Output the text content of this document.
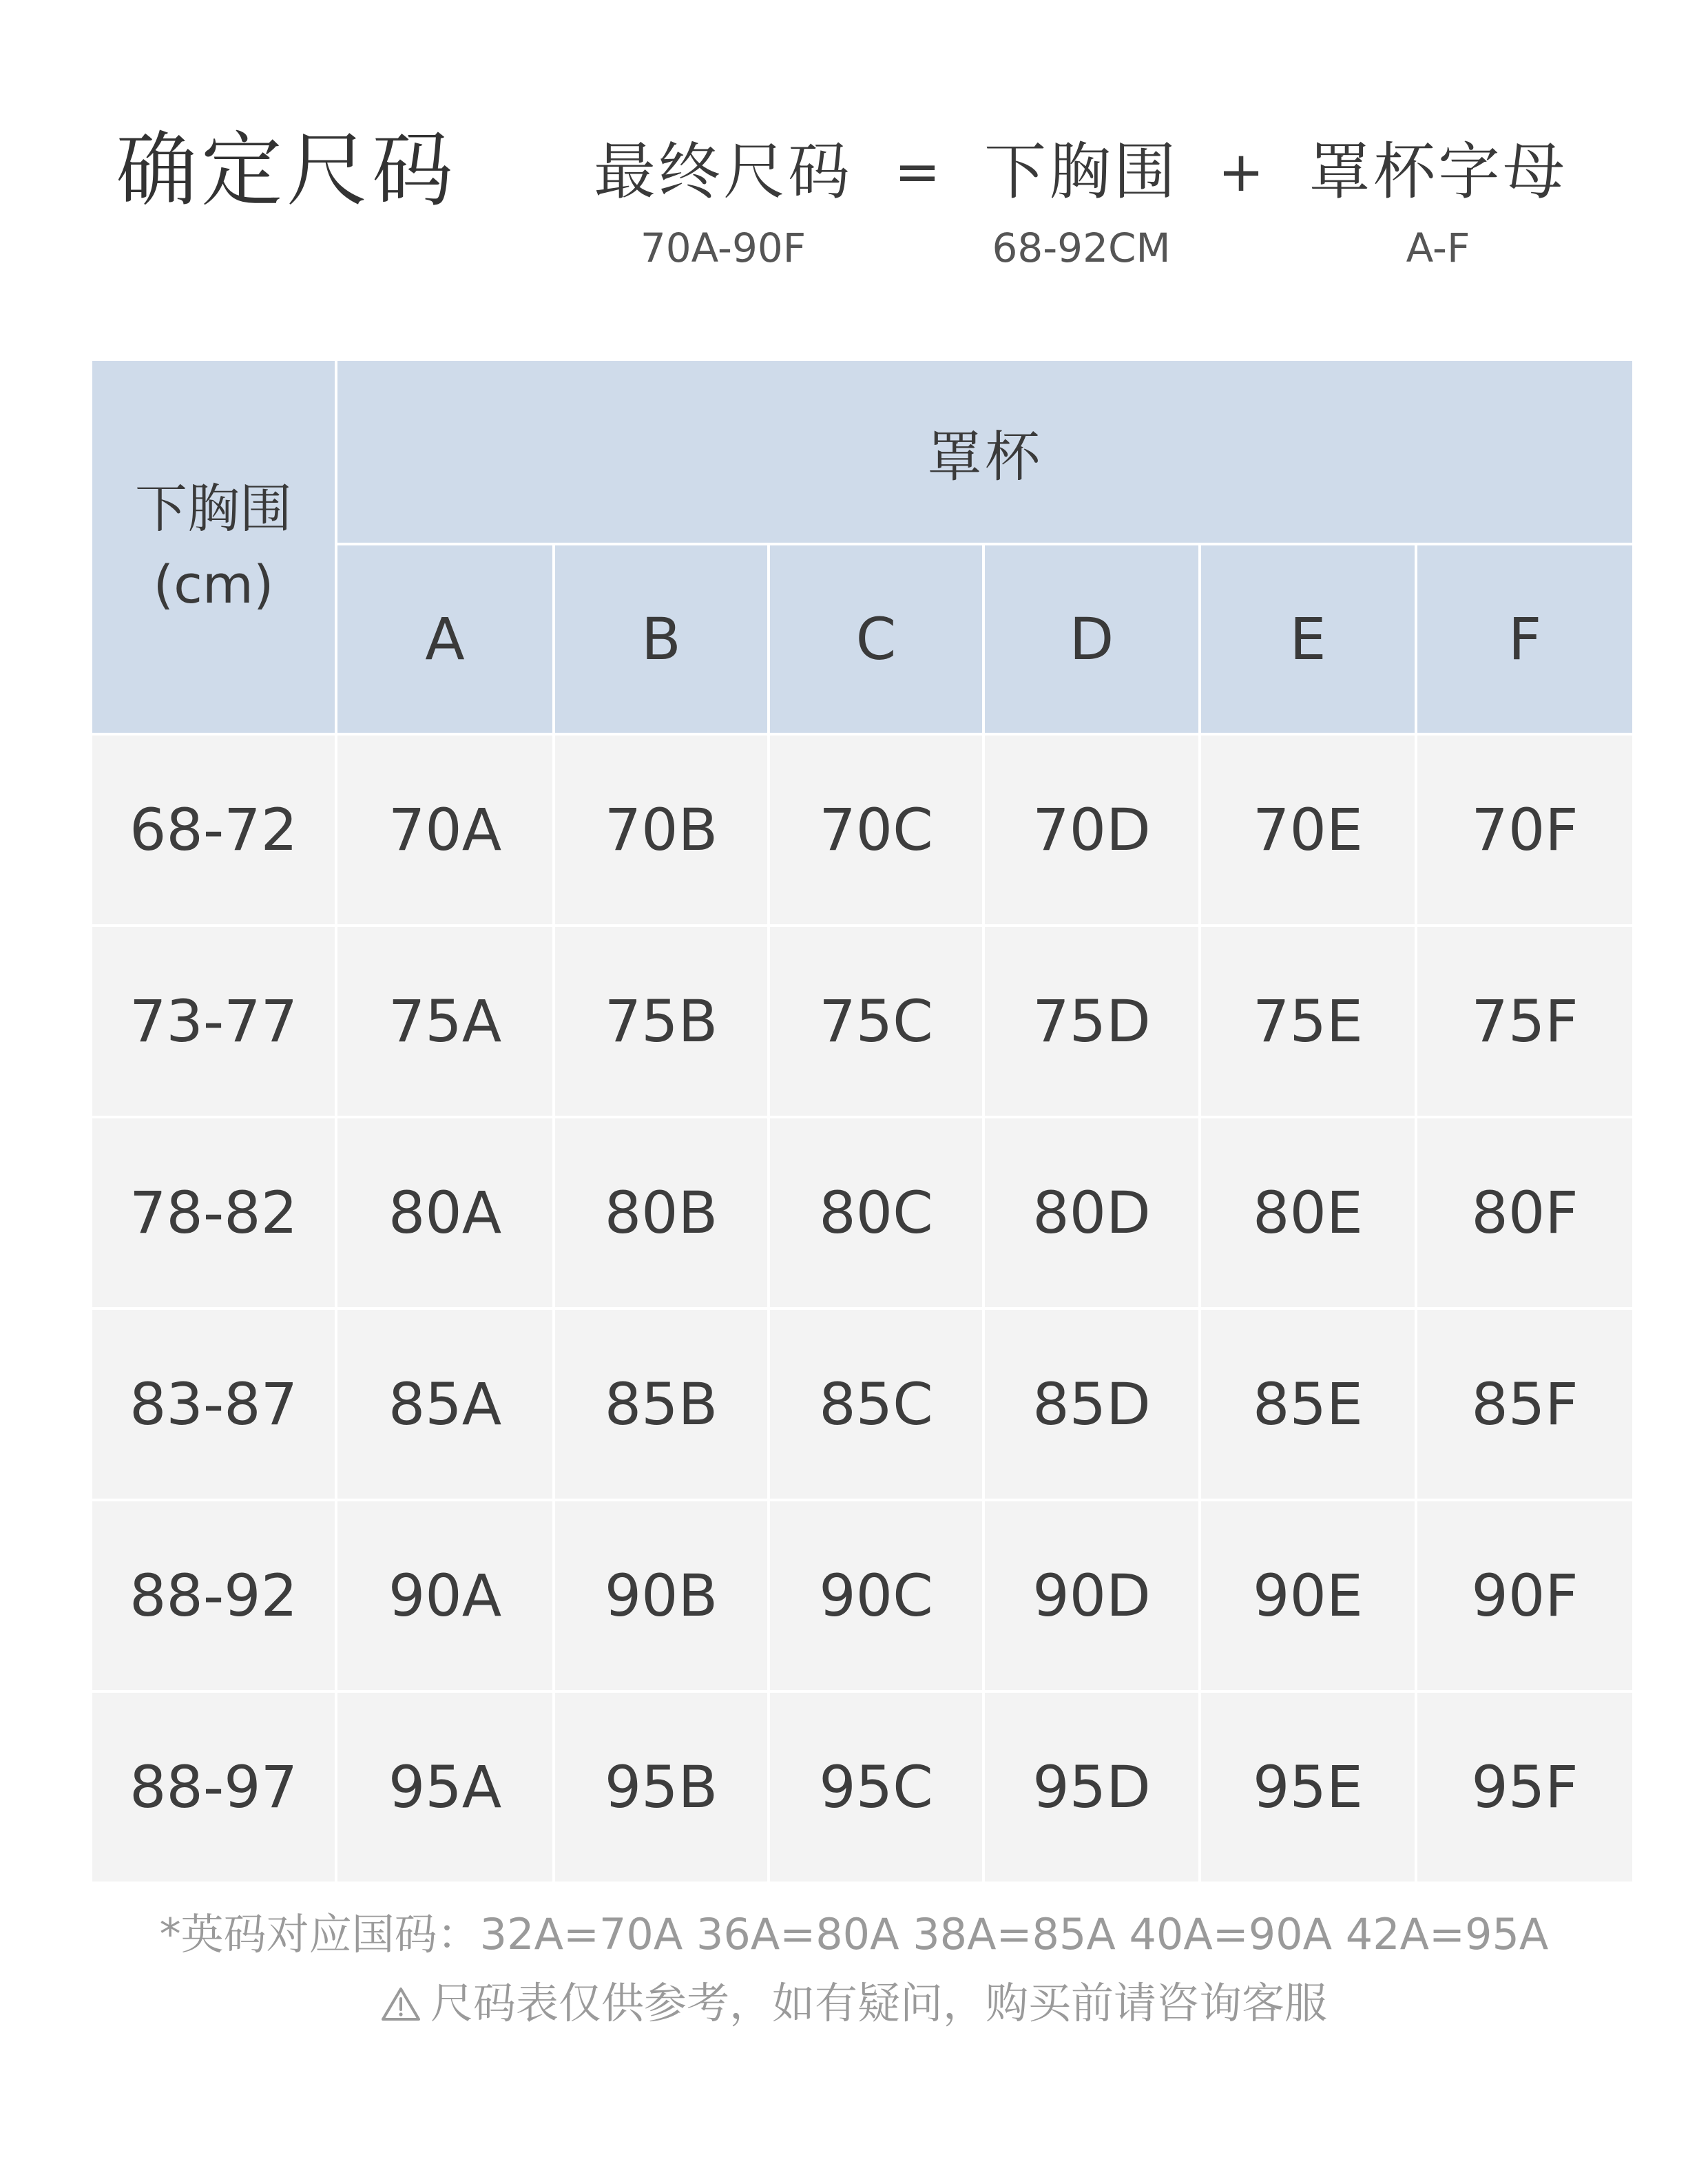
确定尺码 最终尺码
70A-90F
= 下胸围
68-92CM
+ 罩杯字母
A-F
下胸围
(cm)
罩杯
A	B	C	D	E	F
68-72	70A	70B	70C	70D	70E	70F
73-77	75A	75B	75C	75D	75E	75F
78-82	80A	80B	80C	80D	80E	80F
83-87	85A	85B	85C	85D	85E	85F
88-92	90A	90B	90C	90D	90E	90F
88-97	95A	95B	95C	95D	95E	95F
*英码对应国码：32A=70A 36A=80A 38A=85A 40A=90A 42A=95A
尺码表仅供参考，如有疑问，购买前请咨询客服
